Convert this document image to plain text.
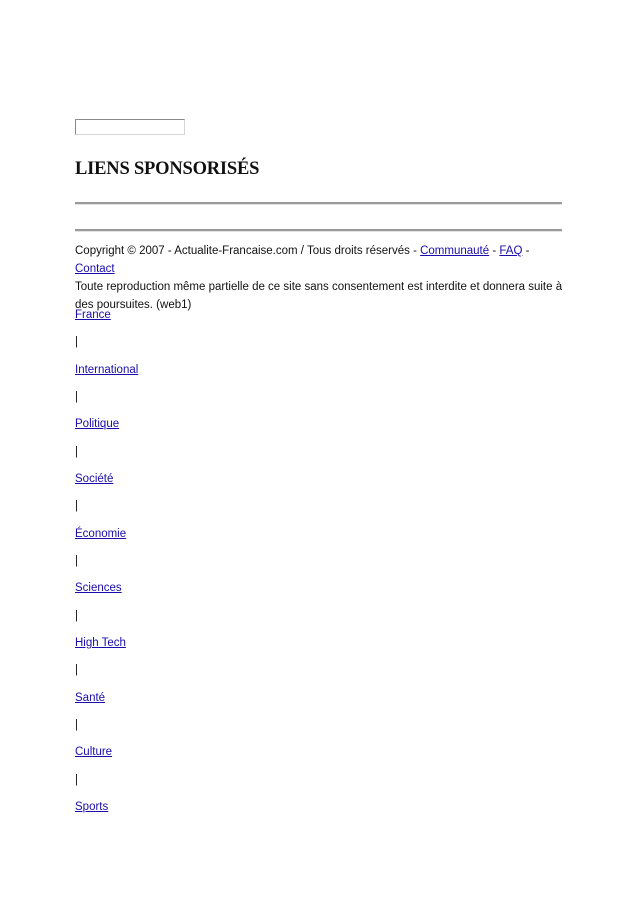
LIENS SPONSORISÉS
Copyright © 2007 - Actualite-Francaise.com / Tous droits réservés - Communauté - FAQ - Contact
Toute reproduction même partielle de ce site sans consentement est interdite et donnera suite à des poursuites. (web1)
France
|
International
|
Politique
|
Société
|
Économie
|
Sciences
|
High Tech
|
Santé
|
Culture
|
Sports
